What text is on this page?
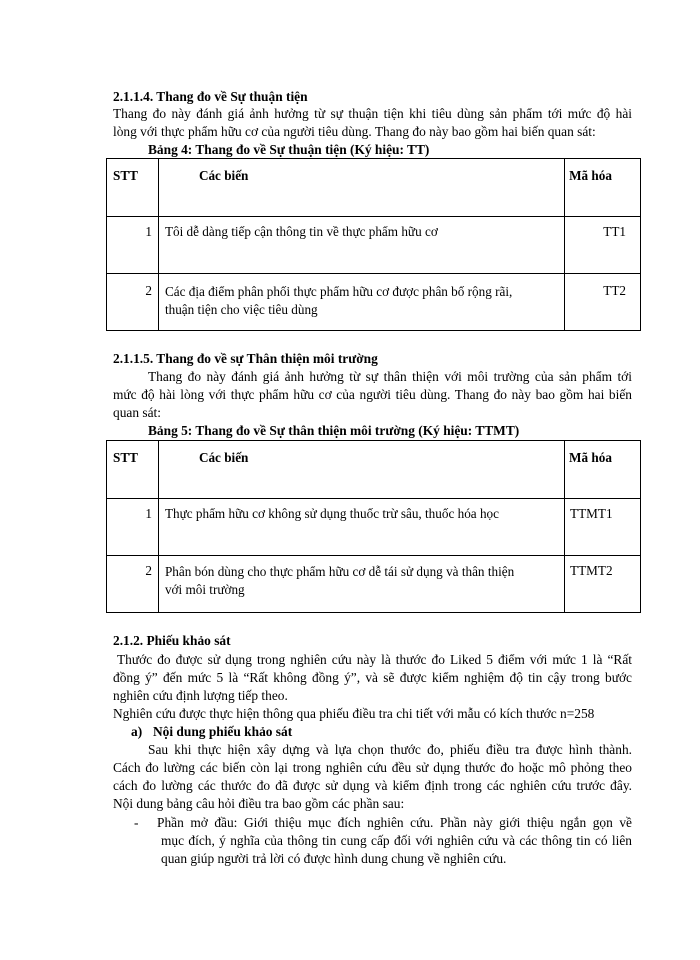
2.1.1.4. Thang đo về Sự thuận tiện
Thang đo này đánh giá ảnh hưởng từ sự thuận tiện khi tiêu dùng sản phẩm tới mức độ hài
lòng với thực phẩm hữu cơ của người tiêu dùng. Thang đo này bao gồm hai biến quan sát:
Bảng 4: Thang đo về Sự thuận tiện (Ký hiệu: TT)
STT	Các biến	Mã hóa
1	Tôi dễ dàng tiếp cận thông tin về thực phẩm hữu cơ	TT1
2	Các địa điểm phân phối thực phẩm hữu cơ được phân bố rộng rãi,
thuận tiện cho việc tiêu dùng	TT2
2.1.1.5. Thang đo về sự Thân thiện môi trường
Thang đo này đánh giá ảnh hưởng từ sự thân thiện với môi trường của sản phẩm tới
mức độ hài lòng với thực phẩm hữu cơ của người tiêu dùng. Thang đo này bao gồm hai biến
quan sát:
Bảng 5: Thang đo về Sự thân thiện môi trường (Ký hiệu: TTMT)
STT	Các biến	Mã hóa
1	Thực phẩm hữu cơ không sử dụng thuốc trừ sâu, thuốc hóa học	TTMT1
2	Phân bón dùng cho thực phẩm hữu cơ dễ tái sử dụng và thân thiện
với môi trường	TTMT2
2.1.2. Phiếu khảo sát
Thước đo được sử dụng trong nghiên cứu này là thước đo Liked 5 điểm với mức 1 là “Rất
đồng ý” đến mức 5 là “Rất không đồng ý”, và sẽ được kiểm nghiệm độ tin cậy trong bước
nghiên cứu định lượng tiếp theo.
Nghiên cứu được thực hiện thông qua phiếu điều tra chi tiết với mẫu có kích thước n=258
a) Nội dung phiếu khảo sát
Sau khi thực hiện xây dựng và lựa chọn thước đo, phiếu điều tra được hình thành.
Cách đo lường các biến còn lại trong nghiên cứu đều sử dụng thước đo hoặc mô phỏng theo
cách đo lường các thước đo đã được sử dụng và kiểm định trong các nghiên cứu trước đây.
Nội dung bảng câu hỏi điều tra bao gồm các phần sau:
- Phần mở đầu: Giới thiệu mục đích nghiên cứu. Phần này giới thiệu ngắn gọn về
mục đích, ý nghĩa của thông tin cung cấp đối với nghiên cứu và các thông tin có liên
quan giúp người trả lời có được hình dung chung về nghiên cứu.
